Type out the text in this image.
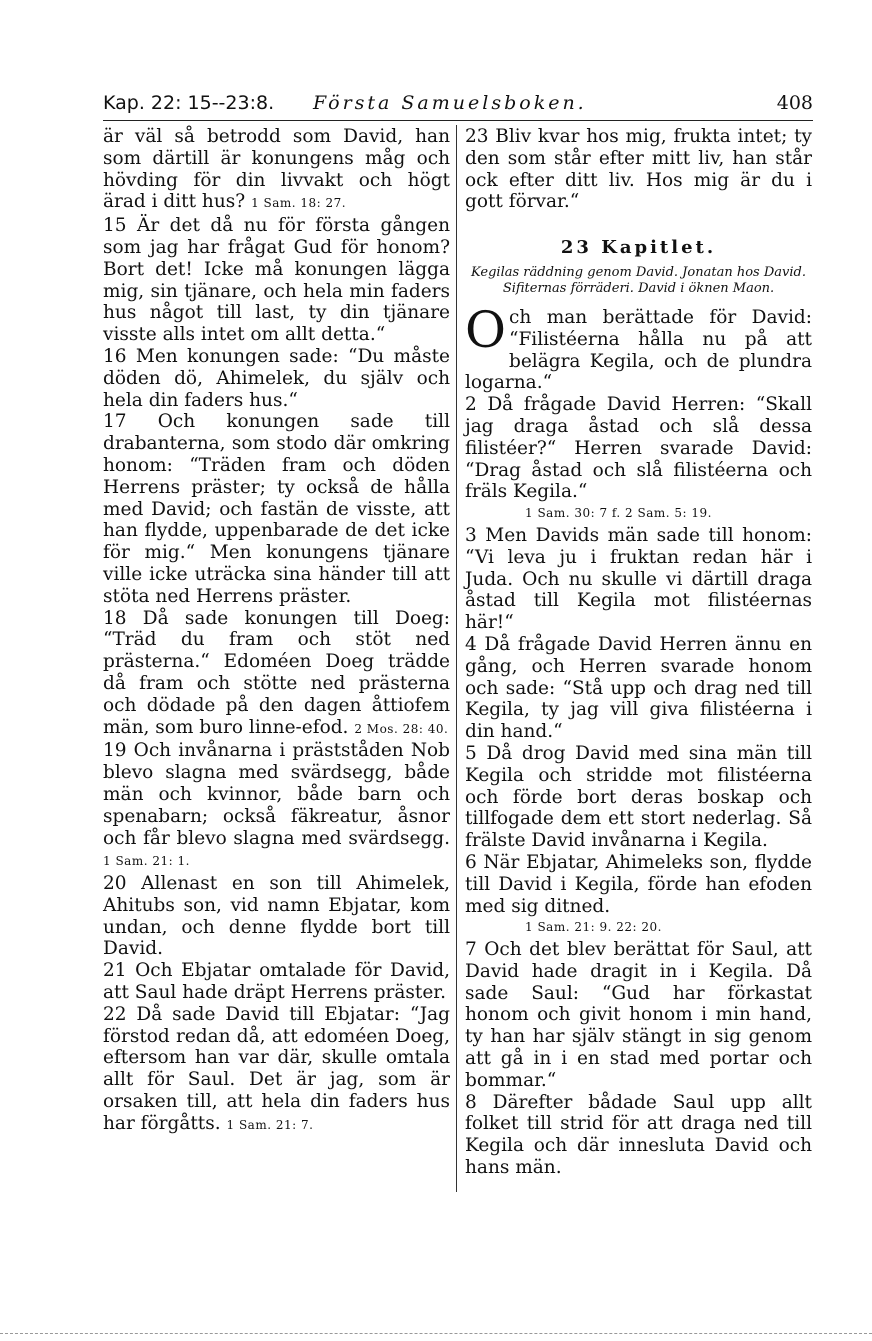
Kap. 22: 15--23:8. Första Samuelsboken.	408

är väl så betrodd som David, han som därtill är konungens måg och hövding för din livvakt och högt ärad i ditt hus? 1 Sam. 18: 27.

15 Är det då nu för första gången som jag har frågat Gud för honom? Bort det! Icke må konungen lägga mig, sin tjänare, och hela min faders hus något till last, ty din tjänare visste alls intet om allt detta.“

16 Men konungen sade: “Du måste döden dö, Ahimelek, du själv och hela din faders hus.“

17 Och konungen sade till drabanterna, som stodo där omkring honom: “Träden fram och döden Herrens präster; ty också de hålla med David; och fastän de visste, att han flydde, uppenbarade de det icke för mig.“ Men konungens tjänare ville icke uträcka sina händer till att stöta ned Herrens präster.

18 Då sade konungen till Doeg: “Träd du fram och stöt ned prästerna.“ Edoméen Doeg trädde då fram och stötte ned prästerna och dödade på den dagen åttiofem män, som buro linne-efod. 2 Mos. 28: 40.

19 Och invånarna i prästståden Nob blevo slagna med svärdsegg, både män och kvinnor, både barn och spenabarn; också fäkreatur, åsnor och får blevo slagna med svärdsegg. 1 Sam. 21: 1.

20 Allenast en son till Ahimelek, Ahitubs son, vid namn Ebjatar, kom undan, och denne flydde bort till David.

21 Och Ebjatar omtalade för David, att Saul hade dräpt Herrens präster.

22 Då sade David till Ebjatar: “Jag förstod redan då, att edoméen Doeg, eftersom han var där, skulle omtala allt för Saul. Det är jag, som är orsaken till, att hela din faders hus har förgåtts. 1 Sam. 21: 7.

23 Bliv kvar hos mig, frukta intet; ty den som står efter mitt liv, han står ock efter ditt liv. Hos mig är du i gott förvar.“

23 Kapitlet.
Kegilas räddning genom David. Jonatan hos David. Sifiternas förräderi. David i öknen Maon.

Och man berättade för David: “Filistéerna hålla nu på att belägra Kegila, och de plundra logarna.“

2 Då frågade David Herren: “Skall jag draga åstad och slå dessa filistéer?“ Herren svarade David: “Drag åstad och slå filistéerna och fräls Kegila.“

1 Sam. 30: 7 f. 2 Sam. 5: 19.

3 Men Davids män sade till honom: “Vi leva ju i fruktan redan här i Juda. Och nu skulle vi därtill draga åstad till Kegila mot filistéernas här!“

4 Då frågade David Herren ännu en gång, och Herren svarade honom och sade: “Stå upp och drag ned till Kegila, ty jag vill giva filistéerna i din hand.“

5 Då drog David med sina män till Kegila och stridde mot filistéerna och förde bort deras boskap och tillfogade dem ett stort nederlag. Så frälste David invånarna i Kegila.

6 När Ebjatar, Ahimeleks son, flydde till David i Kegila, förde han efoden med sig ditned.

1 Sam. 21: 9. 22: 20.

7 Och det blev berättat för Saul, att David hade dragit in i Kegila. Då sade Saul: “Gud har förkastat honom och givit honom i min hand, ty han har själv stängt in sig genom att gå in i en stad med portar och bommar.“

8 Därefter bådade Saul upp allt folket till strid för att draga ned till Kegila och där innesluta David och hans män.
